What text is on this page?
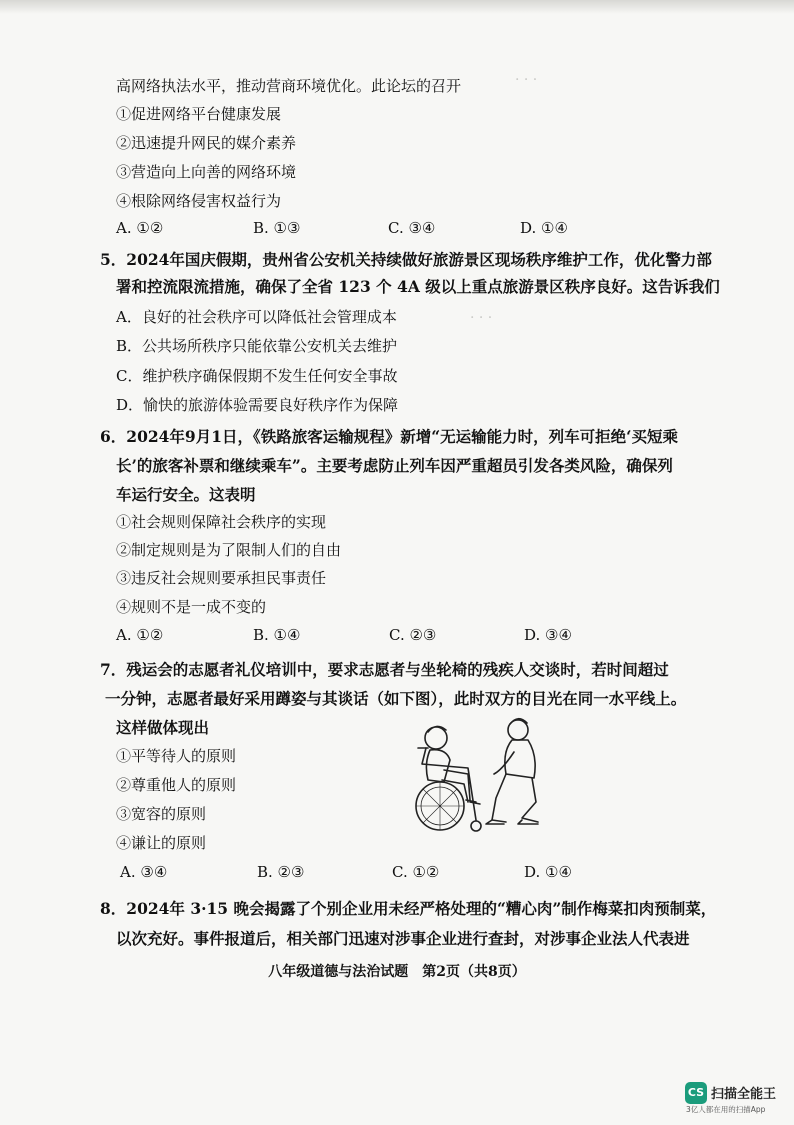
· · ·
· · ·
高网络执法水平，推动营商环境优化。此论坛的召开
①促进网络平台健康发展
②迅速提升网民的媒介素养
③营造向上向善的网络环境
④根除网络侵害权益行为
A. ①②	B. ①③	C. ③④	D. ①④
5．2024年国庆假期，贵州省公安机关持续做好旅游景区现场秩序维护工作，优化警力部
署和控流限流措施，确保了全省 123 个 4A 级以上重点旅游景区秩序良好。这告诉我们
A．良好的社会秩序可以降低社会管理成本
B．公共场所秩序只能依靠公安机关去维护
C．维护秩序确保假期不发生任何安全事故
D．愉快的旅游体验需要良好秩序作为保障
6．2024年9月1日，《铁路旅客运输规程》新增“无运输能力时，列车可拒绝‘买短乘
长’的旅客补票和继续乘车”。主要考虑防止列车因严重超员引发各类风险，确保列
车运行安全。这表明
①社会规则保障社会秩序的实现
②制定规则是为了限制人们的自由
③违反社会规则要承担民事责任
④规则不是一成不变的
A. ①②	B. ①④	C. ②③	D. ③④
7．残运会的志愿者礼仪培训中，要求志愿者与坐轮椅的残疾人交谈时，若时间超过
一分钟，志愿者最好采用蹲姿与其谈话（如下图），此时双方的目光在同一水平线上。
这样做体现出
①平等待人的原则
②尊重他人的原则
③宽容的原则
④谦让的原则
A. ③④	B. ②③	C. ①②	D. ①④
8．2024年 3·15 晚会揭露了个别企业用未经严格处理的“糟心肉”制作梅菜扣肉预制菜，
以次充好。事件报道后，相关部门迅速对涉事企业进行查封，对涉事企业法人代表进
八年级道德与法治试题　第2页（共8页）
CS 扫描全能王
3亿人都在用的扫描App
